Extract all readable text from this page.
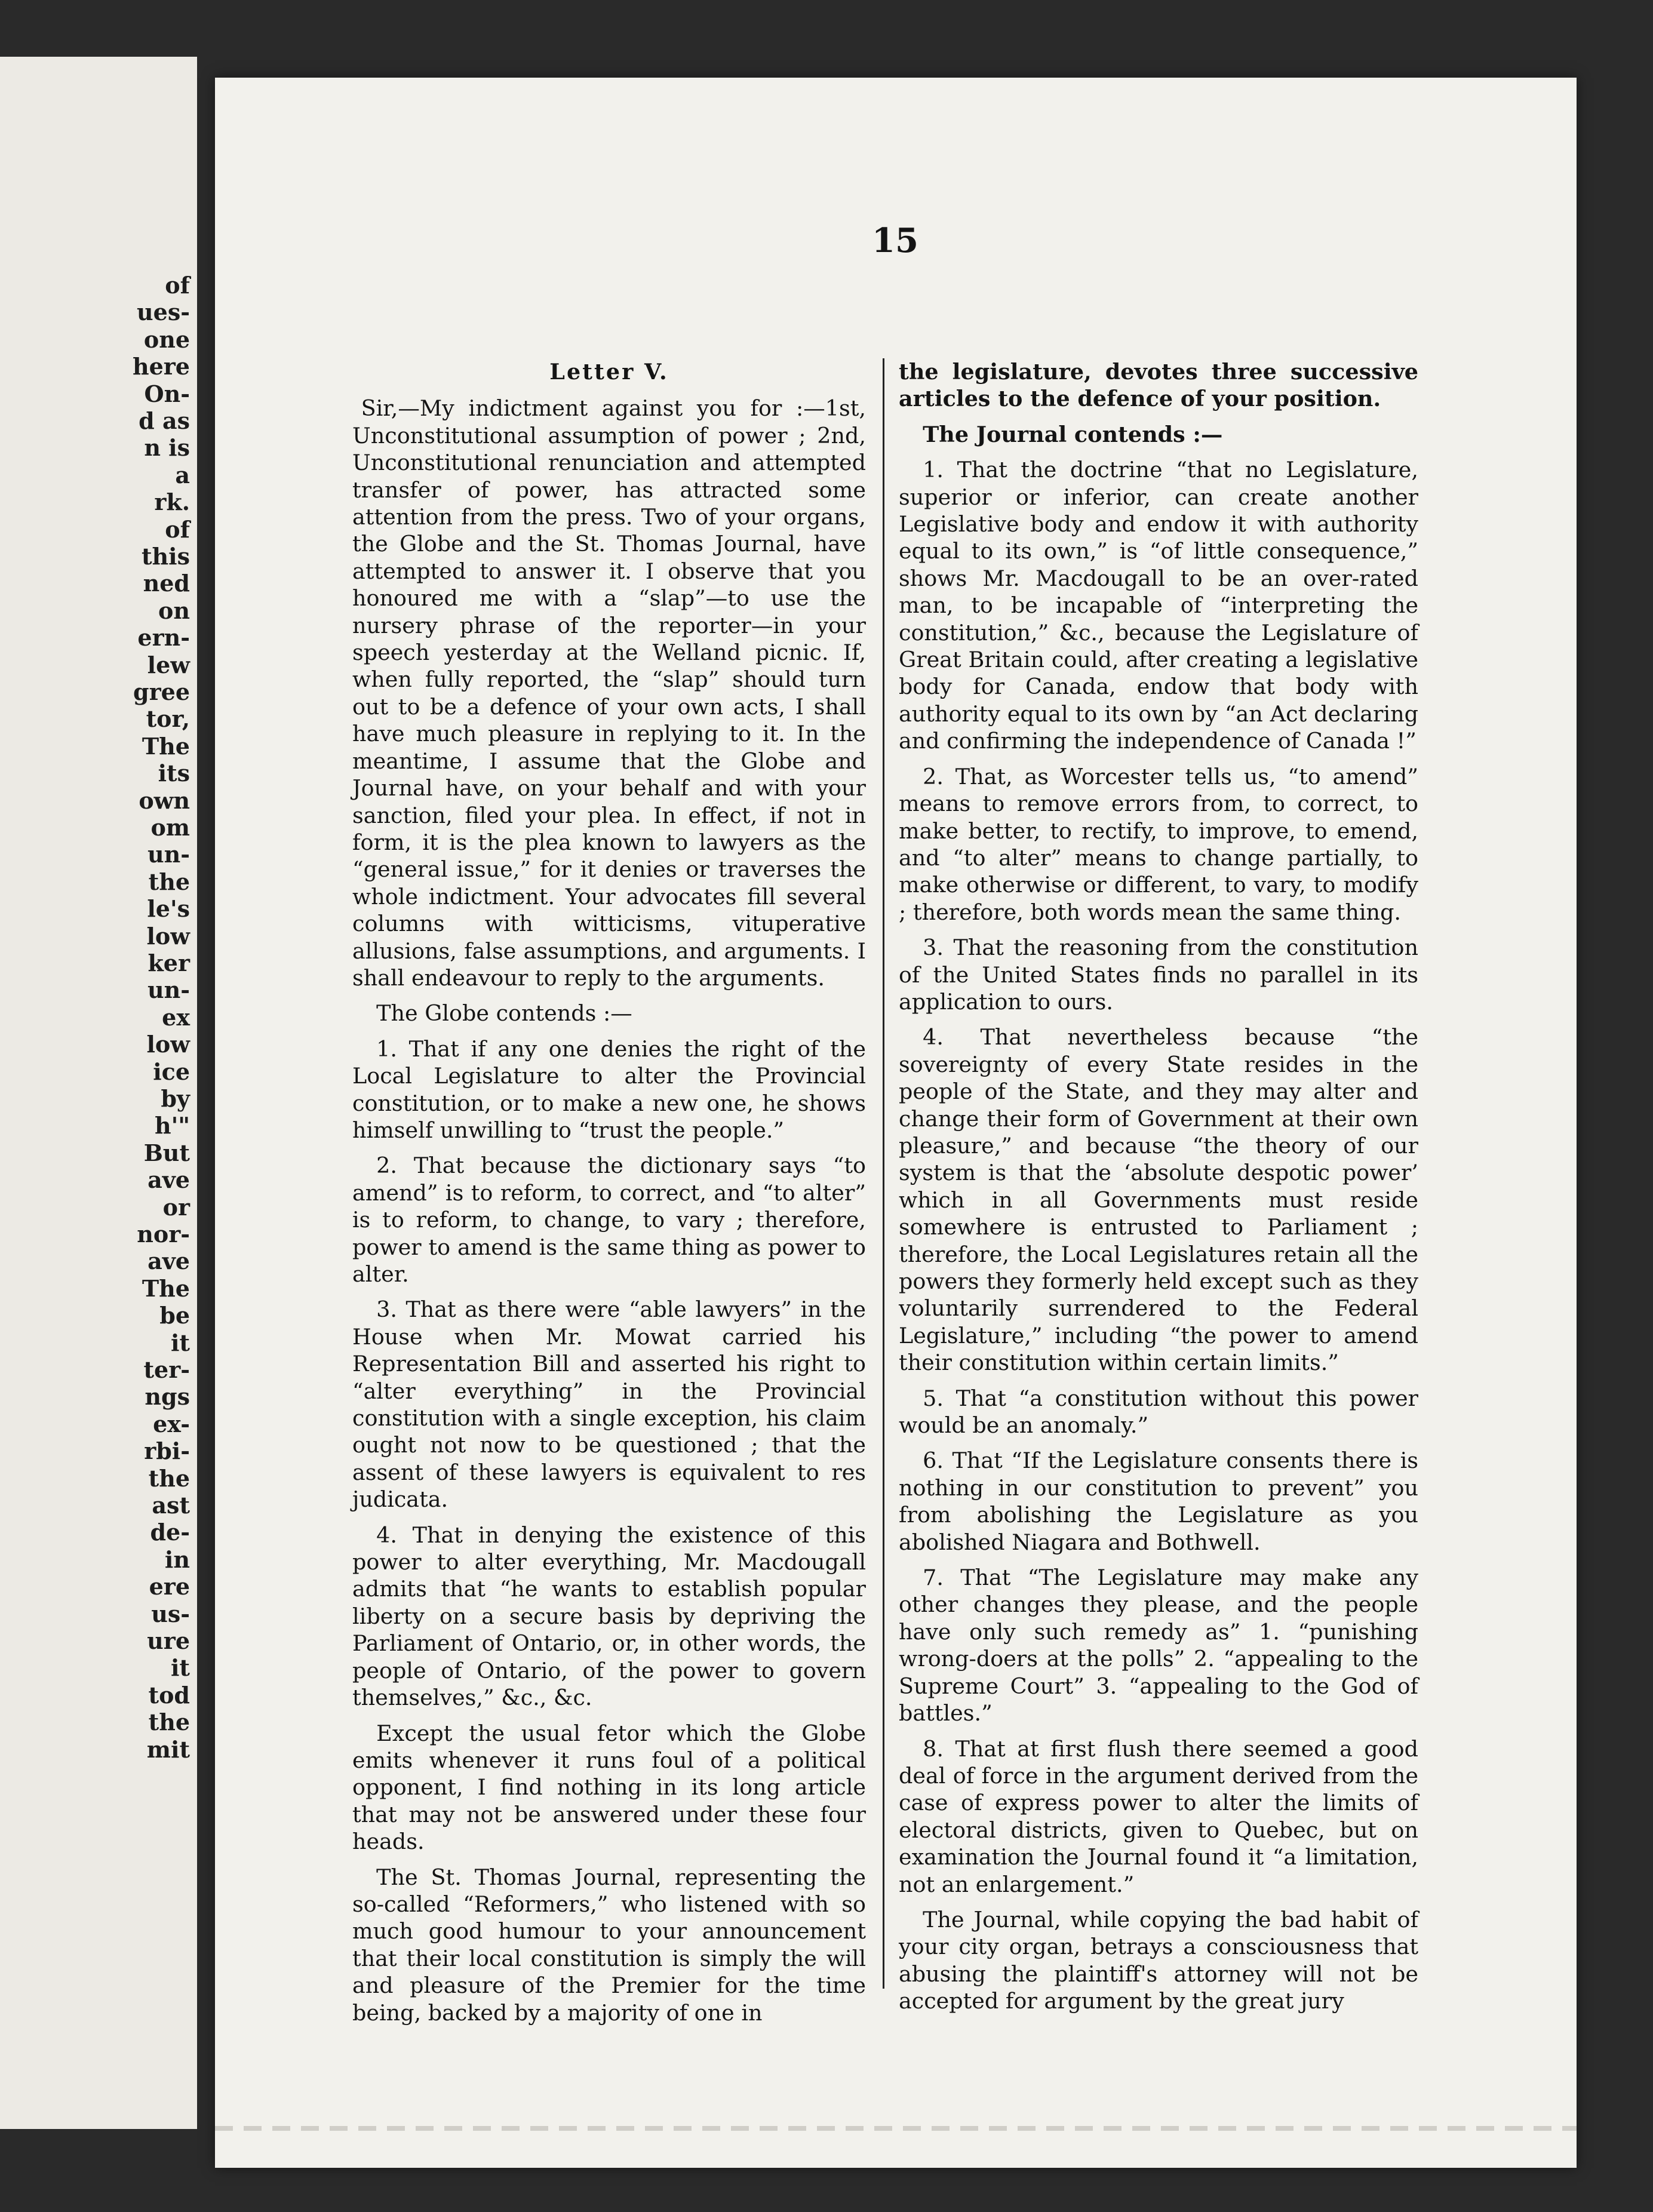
of
ues-
one
here
On-
d as
n is
a
rk.
of
this
ned
on
ern-
lew
gree
tor,
The
its
own
om
un-
the
le's
low
ker
un-
ex
low
ice
by
h'"
But
ave
or
nor-
ave
The
be
it
ter-
ngs
ex-
rbi-
the
ast
de-
in
ere
us-
ure
it
tod
the
mit
15

Letter V.

Sir,—My indictment against you for :—1st, Unconstitutional assumption of power ; 2nd, Unconstitutional renunciation and attempted transfer of power, has attracted some attention from the press. Two of your organs, the Globe and the St. Thomas Journal, have attempted to answer it. I observe that you honoured me with a “slap”—to use the nursery phrase of the reporter—in your speech yesterday at the Welland picnic. If, when fully reported, the “slap” should turn out to be a defence of your own acts, I shall have much pleasure in replying to it. In the meantime, I assume that the Globe and Journal have, on your behalf and with your sanction, filed your plea. In effect, if not in form, it is the plea known to lawyers as the “general issue,” for it denies or traverses the whole indictment. Your advocates fill several columns with witticisms, vituperative allusions, false assumptions, and arguments. I shall endeavour to reply to the arguments.

The Globe contends :—

1. That if any one denies the right of the Local Legislature to alter the Provincial constitution, or to make a new one, he shows himself unwilling to “trust the people.”

2. That because the dictionary says “to amend” is to reform, to correct, and “to alter” is to reform, to change, to vary ; therefore, power to amend is the same thing as power to alter.

3. That as there were “able lawyers” in the House when Mr. Mowat carried his Representation Bill and asserted his right to “alter everything” in the Provincial constitution with a single exception, his claim ought not now to be questioned ; that the assent of these lawyers is equivalent to res judicata.

4. That in denying the existence of this power to alter everything, Mr. Macdougall admits that “he wants to establish popular liberty on a secure basis by depriving the Parliament of Ontario, or, in other words, the people of Ontario, of the power to govern themselves,” &c., &c.

Except the usual fetor which the Globe emits whenever it runs foul of a political opponent, I find nothing in its long article that may not be answered under these four heads.

The St. Thomas Journal, representing the so-called “Reformers,” who listened with so much good humour to your announcement that their local constitution is simply the will and pleasure of the Premier for the time being, backed by a majority of one in

the legislature, devotes three successive articles to the defence of your position.

The Journal contends :—

1. That the doctrine “that no Legislature, superior or inferior, can create another Legislative body and endow it with authority equal to its own,” is “of little consequence,” shows Mr. Macdougall to be an over-rated man, to be incapable of “interpreting the constitution,” &c., because the Legislature of Great Britain could, after creating a legislative body for Canada, endow that body with authority equal to its own by “an Act declaring and confirming the independence of Canada !”

2. That, as Worcester tells us, “to amend” means to remove errors from, to correct, to make better, to rectify, to improve, to emend, and “to alter” means to change partially, to make otherwise or different, to vary, to modify ; therefore, both words mean the same thing.

3. That the reasoning from the constitution of the United States finds no parallel in its application to ours.

4. That nevertheless because “the sovereignty of every State resides in the people of the State, and they may alter and change their form of Government at their own pleasure,” and because “the theory of our system is that the ‘absolute despotic power’ which in all Governments must reside somewhere is entrusted to Parliament ; therefore, the Local Legislatures retain all the powers they formerly held except such as they voluntarily surrendered to the Federal Legislature,” including “the power to amend their constitution within certain limits.”

5. That “a constitution without this power would be an anomaly.”

6. That “If the Legislature consents there is nothing in our constitution to prevent” you from abolishing the Legislature as you abolished Niagara and Bothwell.

7. That “The Legislature may make any other changes they please, and the people have only such remedy as” 1. “punishing wrong-doers at the polls” 2. “appealing to the Supreme Court” 3. “appealing to the God of battles.”

8. That at first flush there seemed a good deal of force in the argument derived from the case of express power to alter the limits of electoral districts, given to Quebec, but on examination the Journal found it “a limitation, not an enlargement.”

The Journal, while copying the bad habit of your city organ, betrays a consciousness that abusing the plaintiff's attorney will not be accepted for argument by the great jury
